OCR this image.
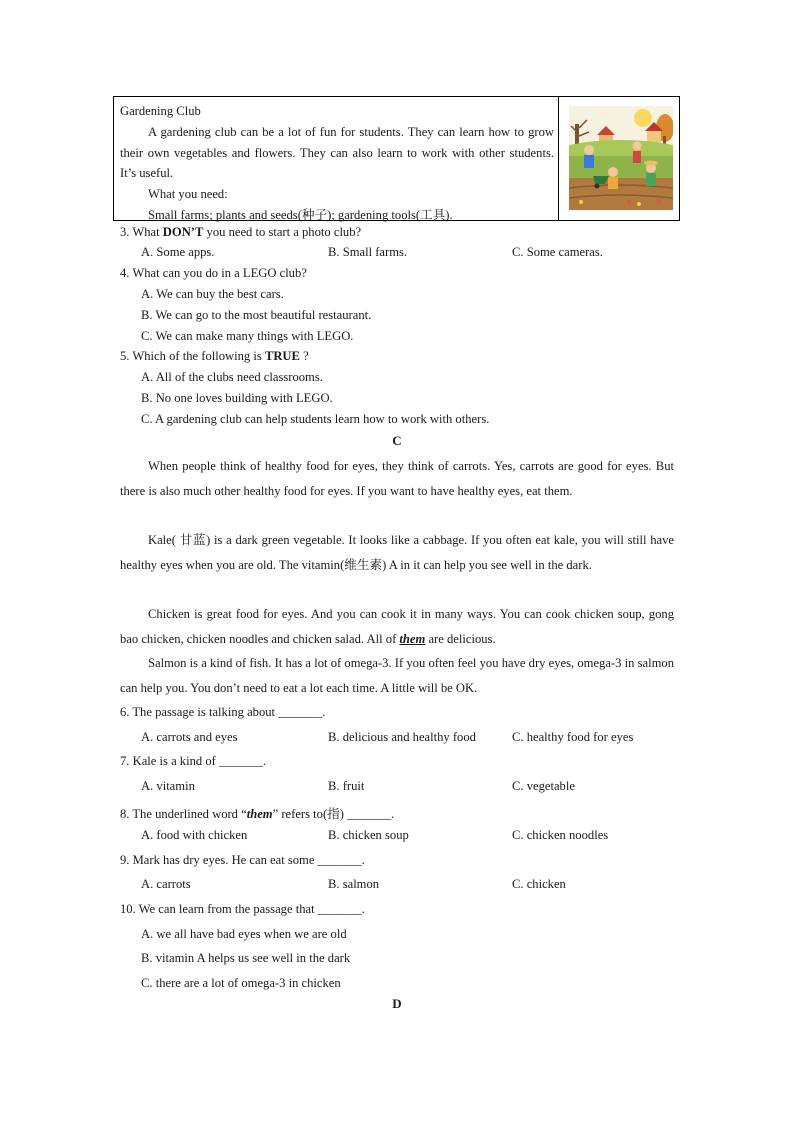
Gardening Club
A gardening club can be a lot of fun for students. They can learn how to grow their own vegetables and flowers. They can also learn to work with other students. It’s useful.
What you need:
Small farms; plants and seeds(种子); gardening tools(工具).
3. What DON’T you need to start a photo club?
A. Some apps.	B. Small farms.	C. Some cameras.
4. What can you do in a LEGO club?
A. We can buy the best cars.
B. We can go to the most beautiful restaurant.
C. We can make many things with LEGO.
5. Which of the following is TRUE ?
A. All of the clubs need classrooms.
B. No one loves building with LEGO.
C. A gardening club can help students learn how to work with others.
C
When people think of healthy food for eyes, they think of carrots. Yes, carrots are good for eyes. But there is also much other healthy food for eyes. If you want to have healthy eyes, eat them.
Kale( 甘蓝) is a dark green vegetable. It looks like a cabbage. If you often eat kale, you will still have healthy eyes when you are old. The vitamin(维生素) A in it can help you see well in the dark.
Chicken is great food for eyes. And you can cook it in many ways. You can cook chicken soup, gong bao chicken, chicken noodles and chicken salad. All of them are delicious.
Salmon is a kind of fish. It has a lot of omega-3. If you often feel you have dry eyes, omega-3 in salmon can help you. You don’t need to eat a lot each time. A little will be OK.
6. The passage is talking about _______.
A. carrots and eyes	B. delicious and healthy food	C. healthy food for eyes
7. Kale is a kind of _______.
A. vitamin	B. fruit	C. vegetable
8. The underlined word “them” refers to(指) _______.
A. food with chicken	B. chicken soup	C. chicken noodles
9. Mark has dry eyes. He can eat some _______.
A. carrots	B. salmon	C. chicken
10. We can learn from the passage that _______.
A. we all have bad eyes when we are old
B. vitamin A helps us see well in the dark
C. there are a lot of omega-3 in chicken
D
